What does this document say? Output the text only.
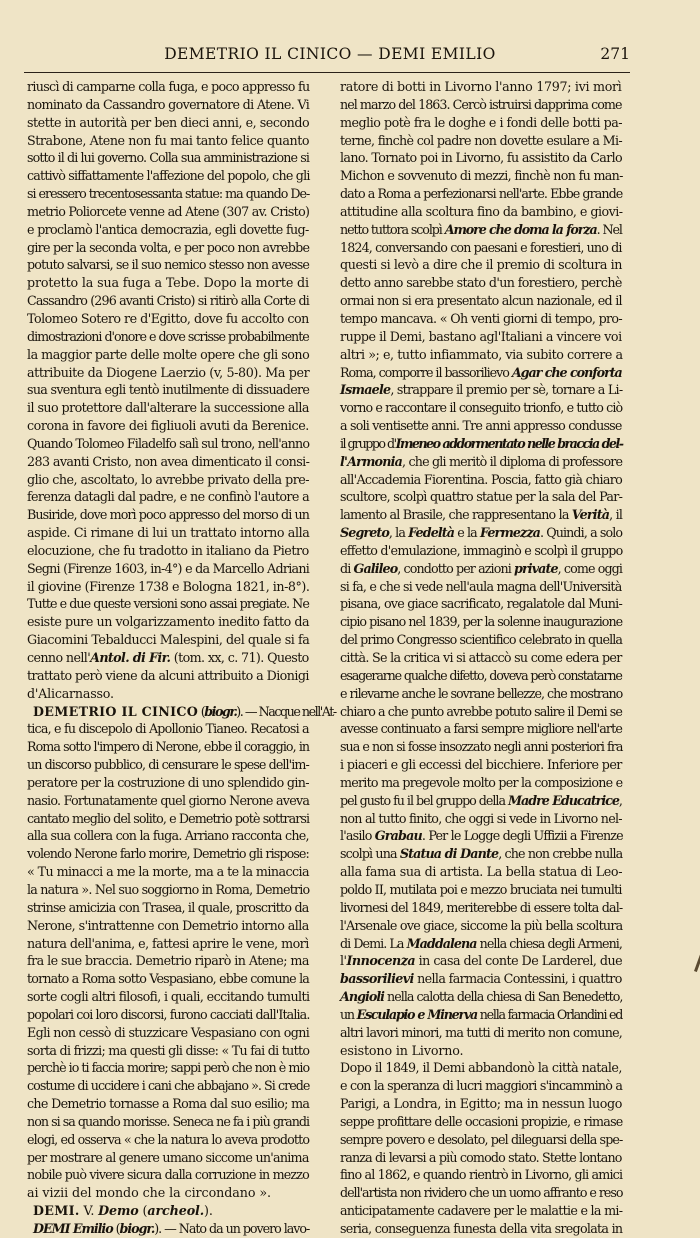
DEMETRIO IL CINICO — DEMI EMILIO	271
riuscì di camparne colla fuga, e poco appresso fu
nominato da Cassandro governatore di Atene. Vi
stette in autorità per ben dieci anni, e, secondo
Strabone, Atene non fu mai tanto felice quanto
sotto il di lui governo. Colla sua amministrazione si
cattivò siffattamente l'affezione del popolo, che gli
si eressero trecentosessanta statue: ma quando De-
metrio Poliorcete venne ad Atene (307 av. Cristo)
e proclamò l'antica democrazia, egli dovette fug-
gire per la seconda volta, e per poco non avrebbe
potuto salvarsi, se il suo nemico stesso non avesse
protetto la sua fuga a Tebe. Dopo la morte di
Cassandro (296 avanti Cristo) si ritirò alla Corte di
Tolomeo Sotero re d'Egitto, dove fu accolto con
dimostrazioni d'onore e dove scrisse probabilmente
la maggior parte delle molte opere che gli sono
attribuite da Diogene Laerzio (v, 5-80). Ma per
sua sventura egli tentò inutilmente di dissuadere
il suo protettore dall'alterare la successione alla
corona in favore dei figliuoli avuti da Berenice.
Quando Tolomeo Filadelfo salì sul trono, nell'anno
283 avanti Cristo, non avea dimenticato il consi-
glio che, ascoltato, lo avrebbe privato della pre-
ferenza datagli dal padre, e ne confinò l'autore a
Busiride, dove morì poco appresso del morso di un
aspide. Ci rimane di lui un trattato intorno alla
elocuzione, che fu tradotto in italiano da Pietro
Segni (Firenze 1603, in-4°) e da Marcello Adriani
il giovine (Firenze 1738 e Bologna 1821, in-8°).
Tutte e due queste versioni sono assai pregiate. Ne
esiste pure un volgarizzamento inedito fatto da
Giacomini Tebalducci Malespini, del quale si fa
cenno nell'Antol. di Fir. (tom. xx, c. 71). Questo
trattato però viene da alcuni attribuito a Dionigi
d'Alicarnasso.
DEMETRIO IL CINICO (biogr.). — Nacque nell'At-
tica, e fu discepolo di Apollonio Tianeo. Recatosi a
Roma sotto l'impero di Nerone, ebbe il coraggio, in
un discorso pubblico, di censurare le spese dell'im-
peratore per la costruzione di uno splendido gin-
nasio. Fortunatamente quel giorno Nerone aveva
cantato meglio del solito, e Demetrio potè sottrarsi
alla sua collera con la fuga. Arriano racconta che,
volendo Nerone farlo morire, Demetrio gli rispose:
« Tu minacci a me la morte, ma a te la minaccia
la natura ». Nel suo soggiorno in Roma, Demetrio
strinse amicizia con Trasea, il quale, proscritto da
Nerone, s'intrattenne con Demetrio intorno alla
natura dell'anima, e, fattesi aprire le vene, morì
fra le sue braccia. Demetrio riparò in Atene; ma
tornato a Roma sotto Vespasiano, ebbe comune la
sorte cogli altri filosofi, i quali, eccitando tumulti
popolari coi loro discorsi, furono cacciati dall'Italia.
Egli non cessò di stuzzicare Vespasiano con ogni
sorta di frizzi; ma questi gli disse: « Tu fai di tutto
perchè io ti faccia morire; sappi però che non è mio
costume di uccidere i cani che abbajano ». Si crede
che Demetrio tornasse a Roma dal suo esilio; ma
non si sa quando morisse. Seneca ne fa i più grandi
elogi, ed osserva « che la natura lo aveva prodotto
per mostrare al genere umano siccome un'anima
nobile può vivere sicura dalla corruzione in mezzo
ai vizii del mondo che la circondano ».
DEMI. V. Demo (archeol.).
DEMI Emilio (biogr.). — Nato da un povero lavo-
ratore di botti in Livorno l'anno 1797; ivi morì
nel marzo del 1863. Cercò istruirsi dapprima come
meglio potè fra le doghe e i fondi delle botti pa-
terne, finchè col padre non dovette esulare a Mi-
lano. Tornato poi in Livorno, fu assistito da Carlo
Michon e sovvenuto di mezzi, finchè non fu man-
dato a Roma a perfezionarsi nell'arte. Ebbe grande
attitudine alla scoltura fino da bambino, e giovi-
netto tuttora scolpì Amore che doma la forza. Nel
1824, conversando con paesani e forestieri, uno di
questi si levò a dire che il premio di scoltura in
detto anno sarebbe stato d'un forestiero, perchè
ormai non si era presentato alcun nazionale, ed il
tempo mancava. « Oh venti giorni di tempo, pro-
ruppe il Demi, bastano agl'Italiani a vincere voi
altri »; e, tutto infiammato, via subito correre a
Roma, comporre il bassorilievo Agar che conforta
Ismaele, strappare il premio per sè, tornare a Li-
vorno e raccontare il conseguito trionfo, e tutto ciò
a soli ventisette anni. Tre anni appresso condusse
il gruppo d'Imeneo addormentato nelle braccia del-
l'Armonia, che gli meritò il diploma di professore
all'Accademia Fiorentina. Poscia, fatto già chiaro
scultore, scolpì quattro statue per la sala del Par-
lamento al Brasile, che rappresentano la Verità, il
Segreto, la Fedeltà e la Fermezza. Quindi, a solo
effetto d'emulazione, immaginò e scolpì il gruppo
di Galileo, condotto per azioni private, come oggi
si fa, e che si vede nell'aula magna dell'Università
pisana, ove giace sacrificato, regalatole dal Muni-
cipio pisano nel 1839, per la solenne inaugurazione
del primo Congresso scientifico celebrato in quella
città. Se la critica vi si attaccò su come edera per
esagerarne qualche difetto, doveva però constatarne
e rilevarne anche le sovrane bellezze, che mostrano
chiaro a che punto avrebbe potuto salire il Demi se
avesse continuato a farsi sempre migliore nell'arte
sua e non si fosse insozzato negli anni posteriori fra
i piaceri e gli eccessi del bicchiere. Inferiore per
merito ma pregevole molto per la composizione e
pel gusto fu il bel gruppo della Madre Educatrice,
non al tutto finito, che oggi si vede in Livorno nel-
l'asilo Grabau. Per le Logge degli Uffizii a Firenze
scolpì una Statua di Dante, che non crebbe nulla
alla fama sua di artista. La bella statua di Leo-
poldo II, mutilata poi e mezzo bruciata nei tumulti
livornesi del 1849, meriterebbe di essere tolta dal-
l'Arsenale ove giace, siccome la più bella scoltura
di Demi. La Maddalena nella chiesa degli Armeni,
l'Innocenza in casa del conte De Larderel, due
bassorilievi nella farmacia Contessini, i quattro
Angioli nella calotta della chiesa di San Benedetto,
un Esculapio e Minerva nella farmacia Orlandini ed
altri lavori minori, ma tutti di merito non comune,
esistono in Livorno.
Dopo il 1849, il Demi abbandonò la città natale,
e con la speranza di lucri maggiori s'incamminò a
Parigi, a Londra, in Egitto; ma in nessun luogo
seppe profittare delle occasioni propizie, e rimase
sempre povero e desolato, pel dileguarsi della spe-
ranza di levarsi a più comodo stato. Stette lontano
fino al 1862, e quando rientrò in Livorno, gli amici
dell'artista non rividero che un uomo affranto e reso
anticipatamente cadavere per le malattie e la mi-
seria, conseguenza funesta della vita sregolata in
